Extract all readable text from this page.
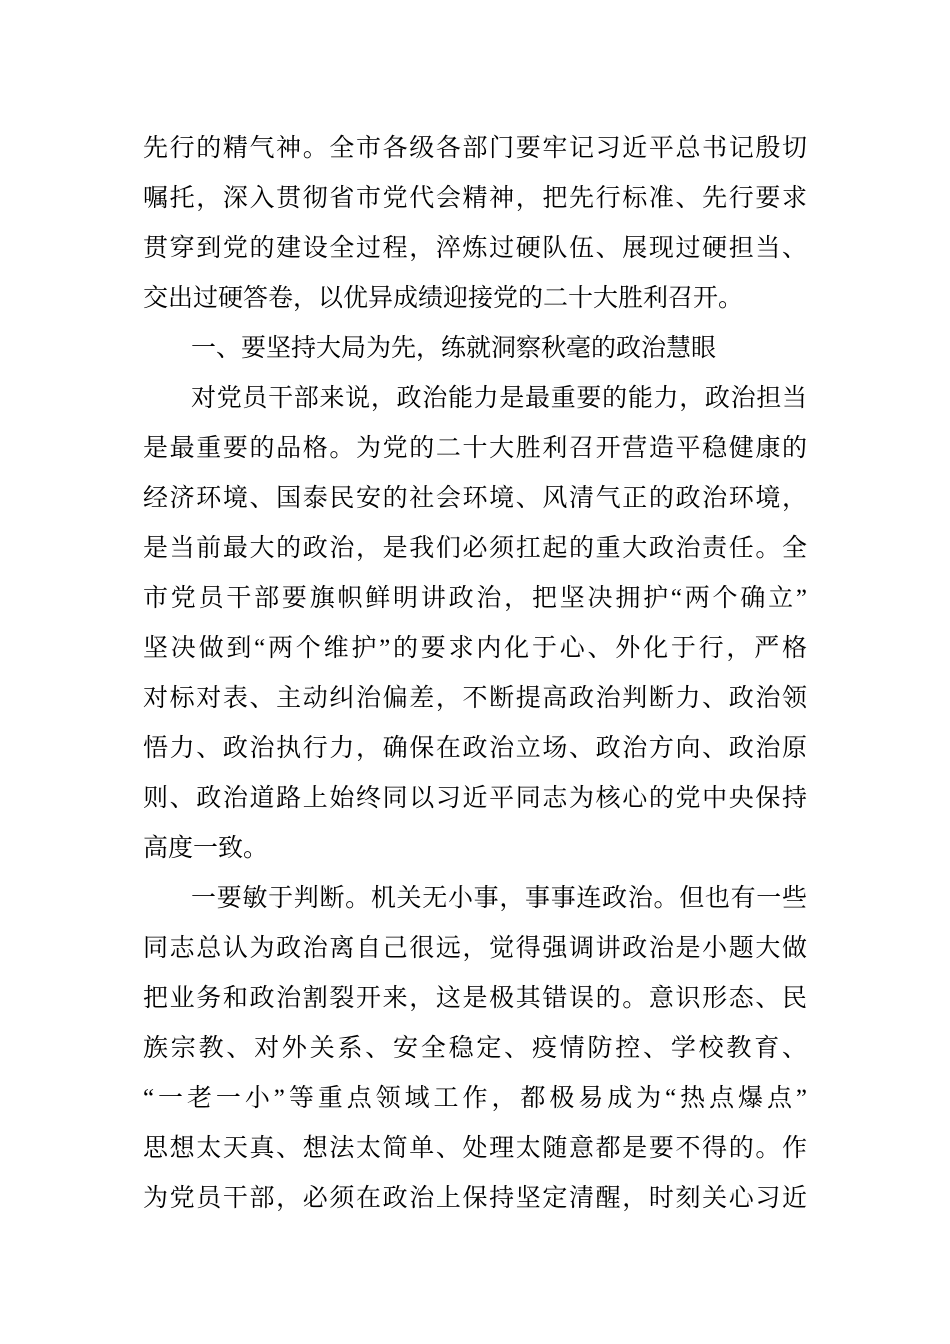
先行的精气神。全市各级各部门要牢记习近平总书记殷切
嘱托，深入贯彻省市党代会精神，把先行标准、先行要求
贯穿到党的建设全过程，淬炼过硬队伍、展现过硬担当、
交出过硬答卷，以优异成绩迎接党的二十大胜利召开。
一、要坚持大局为先，练就洞察秋毫的政治慧眼
对党员干部来说，政治能力是最重要的能力，政治担当
是最重要的品格。为党的二十大胜利召开营造平稳健康的
经济环境、国泰民安的社会环境、风清气正的政治环境，
是当前最大的政治，是我们必须扛起的重大政治责任。全
市党员干部要旗帜鲜明讲政治，把坚决拥护“两个确立”
坚决做到“两个维护”的要求内化于心、外化于行，严格
对标对表、主动纠治偏差，不断提高政治判断力、政治领
悟力、政治执行力，确保在政治立场、政治方向、政治原
则、政治道路上始终同以习近平同志为核心的党中央保持
高度一致。
一要敏于判断。机关无小事，事事连政治。但也有一些
同志总认为政治离自己很远，觉得强调讲政治是小题大做
把业务和政治割裂开来，这是极其错误的。意识形态、民
族宗教、对外关系、安全稳定、疫情防控、学校教育、
“一老一小”等重点领域工作，都极易成为“热点爆点”
思想太天真、想法太简单、处理太随意都是要不得的。作
为党员干部，必须在政治上保持坚定清醒，时刻关心习近
